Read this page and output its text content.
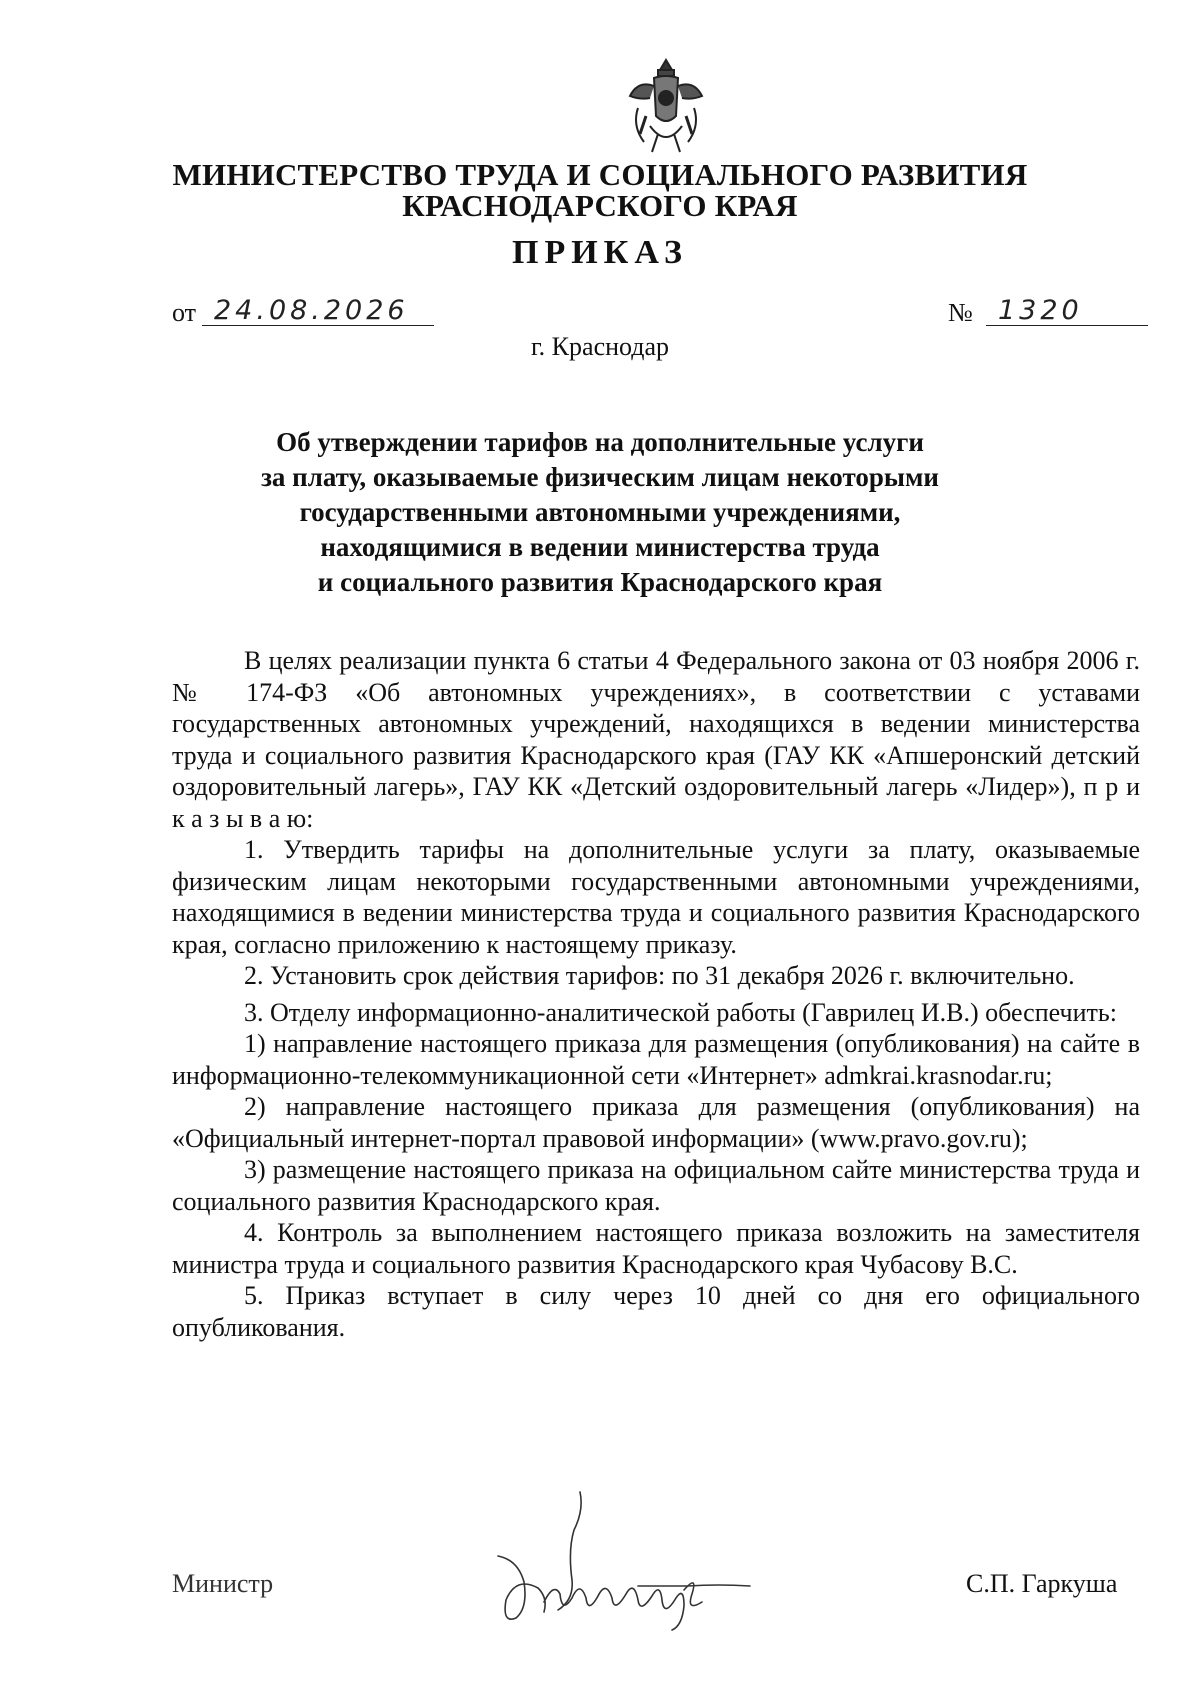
МИНИСТЕРСТВО ТРУДА И СОЦИАЛЬНОГО РАЗВИТИЯ
КРАСНОДАРСКОГО КРАЯ
ПРИКАЗ
от 24.08.2026	№ 1320
г. Краснодар
Об утверждении тарифов на дополнительные услуги
за плату, оказываемые физическим лицам некоторыми
государственными автономными учреждениями,
находящимися в ведении министерства труда
и социального развития Краснодарского края

В целях реализации пункта 6 статьи 4 Федерального закона от 03 ноября 2006 г. № 174-ФЗ «Об автономных учреждениях», в соответствии с уставами государственных автономных учреждений, находящихся в ведении министерства труда и социального развития Краснодарского края (ГАУ КК «Апшеронский детский оздоровительный лагерь», ГАУ КК «Детский оздоровительный лагерь «Лидер»), п р и к а з ы в а ю:

1. Утвердить тарифы на дополнительные услуги за плату, оказываемые физическим лицам некоторыми государственными автономными учреждениями, находящимися в ведении министерства труда и социального развития Краснодарского края, согласно приложению к настоящему приказу.

2. Установить срок действия тарифов: по 31 декабря 2026 г. включительно.

3. Отделу информационно-аналитической работы (Гаврилец И.В.) обеспечить:

1) направление настоящего приказа для размещения (опубликования) на сайте в информационно-телекоммуникационной сети «Интернет» admkrai.krasnodar.ru;

2) направление настоящего приказа для размещения (опубликования) на «Официальный интернет-портал правовой информации» (www.pravo.gov.ru);

3) размещение настоящего приказа на официальном сайте министерства труда и социального развития Краснодарского края.

4. Контроль за выполнением настоящего приказа возложить на заместителя министра труда и социального развития Краснодарского края Чубасову В.С.

5. Приказ вступает в силу через 10 дней со дня его официального опубликования.

Министр	С.П. Гаркуша
